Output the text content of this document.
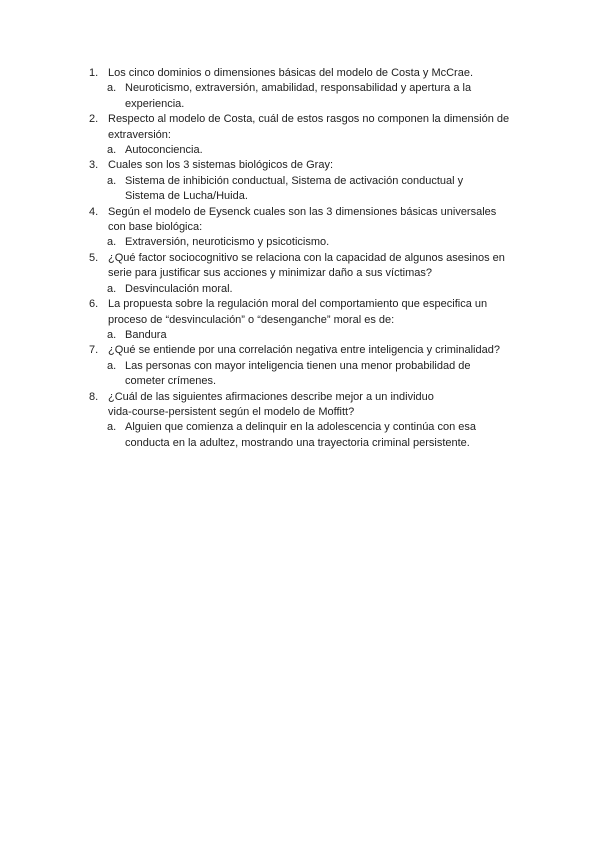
1. Los cinco dominios o dimensiones básicas del modelo de Costa y McCrae.
a. Neuroticismo, extraversión, amabilidad, responsabilidad y apertura a la experiencia.
2. Respecto al modelo de Costa, cuál de estos rasgos no componen la dimensión de extraversión:
a. Autoconciencia.
3. Cuales son los 3 sistemas biológicos de Gray:
a. Sistema de inhibición conductual, Sistema de activación conductual y Sistema de Lucha/Huida.
4. Según el modelo de Eysenck cuales son las 3 dimensiones básicas universales con base biológica:
a. Extraversión, neuroticismo y psicoticismo.
5. ¿Qué factor sociocognitivo se relaciona con la capacidad de algunos asesinos en serie para justificar sus acciones y minimizar daño a sus víctimas?
a. Desvinculación moral.
6. La propuesta sobre la regulación moral del comportamiento que especifica un proceso de “desvinculación” o “desenganche” moral es de:
a. Bandura
7. ¿Qué se entiende por una correlación negativa entre inteligencia y criminalidad?
a. Las personas con mayor inteligencia tienen una menor probabilidad de cometer crímenes.
8. ¿Cuál de las siguientes afirmaciones describe mejor a un individuo vida-course-persistent según el modelo de Moffitt?
a. Alguien que comienza a delinquir en la adolescencia y continúa con esa conducta en la adultez, mostrando una trayectoria criminal persistente.
